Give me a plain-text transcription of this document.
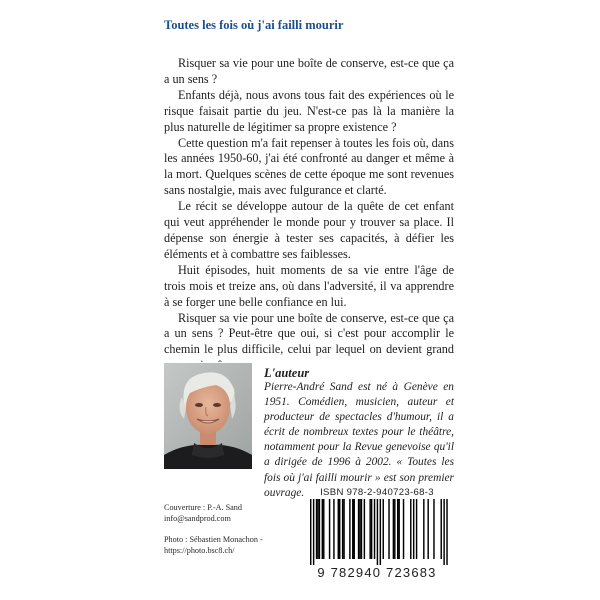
Toutes les fois où j'ai failli mourir

Risquer sa vie pour une boîte de conserve, est-ce que ça a un sens ?

Enfants déjà, nous avons tous fait des expériences où le risque faisait partie du jeu. N'est-ce pas là la manière la plus naturelle de légitimer sa propre existence ?

Cette question m'a fait repenser à toutes les fois où, dans les années 1950-60, j'ai été confronté au danger et même à la mort. Quelques scènes de cette époque me sont revenues sans nostalgie, mais avec fulgurance et clarté.

Le récit se développe autour de la quête de cet enfant qui veut appréhender le monde pour y trouver sa place. Il dépense son énergie à tester ses capacités, à défier les éléments et à combattre ses faiblesses.

Huit épisodes, huit moments de sa vie entre l'âge de trois mois et treize ans, où dans l'adversité, il va apprendre à se forger une belle confiance en lui.

Risquer sa vie pour une boîte de conserve, est-ce que ça a un sens ? Peut-être que oui, si c'est pour accomplir le chemin le plus difficile, celui par lequel on devient grand

L'auteur
Pierre-André Sand est né à Genève en 1951. Comédien, musicien, auteur et producteur de spectacles d'humour, il a écrit de nombreux textes pour le théâtre, notamment pour la Revue genevoise qu'il a dirigée de 1996 à 2002. « Toutes les fois où j'ai failli mourir » est son premier ouvrage.
Couverture : P.-A. Sand
info@sandprod.com
Photo : Sébastien Monachon -
https://photo.bsc8.ch/
ISBN 978-2-940723-68-3
9 782940 723683
